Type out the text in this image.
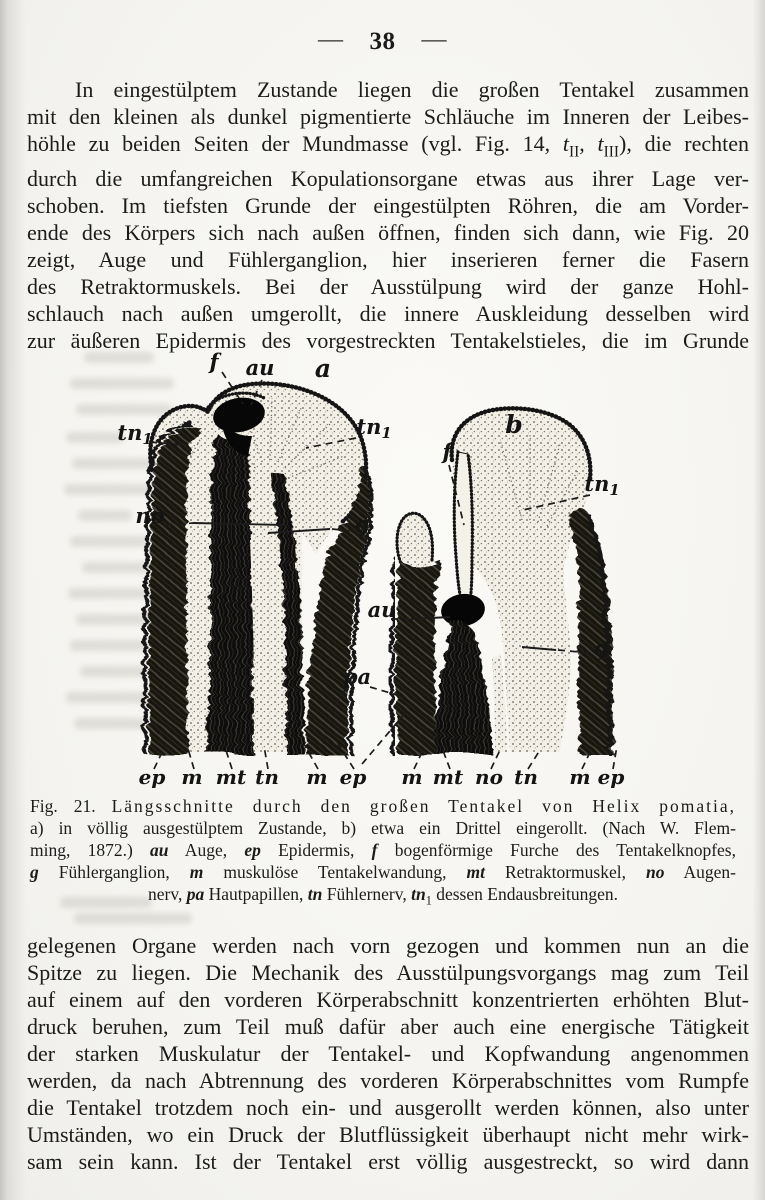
— 38 —
In eingestülptem Zustande liegen die großen Tentakel zusammen
mit den kleinen als dunkel pigmentierte Schläuche im Inneren der Leibes-
höhle zu beiden Seiten der Mundmasse (vgl. Fig. 14, $t_{II}$, $t_{III}$), die rechten
durch die umfangreichen Kopulationsorgane etwas aus ihrer Lage ver-
schoben. Im tiefsten Grunde der eingestülpten Röhren, die am Vorder-
ende des Körpers sich nach außen öffnen, finden sich dann, wie Fig. 20
zeigt, Auge und Fühlerganglion, hier inserieren ferner die Fasern
des Retraktormuskels. Bei der Ausstülpung wird der ganze Hohl-
schlauch nach außen umgerollt, die innere Auskleidung desselben wird
zur äußeren Epidermis des vorgestreckten Tentakelstieles, die im Grunde
f au a
tn1
tn1
no	g
pa
b
f
tn1
au
g
ep m mt tn m ep m mt no tn m ep
Fig. 21. Längsschnitte durch den großen Tentakel von Helix pomatia,
a) in völlig ausgestülptem Zustande, b) etwa ein Drittel eingerollt. (Nach W. Flem-
ming, 1872.) au Auge, ep Epidermis, f bogenförmige Furche des Tentakelknopfes,
g Fühlerganglion, m muskulöse Tentakelwandung, mt Retraktormuskel, no Augen-
nerv, pa Hautpapillen, tn Fühlernerv, $tn_1$ dessen Endausbreitungen.
gelegenen Organe werden nach vorn gezogen und kommen nun an die
Spitze zu liegen. Die Mechanik des Ausstülpungsvorgangs mag zum Teil
auf einem auf den vorderen Körperabschnitt konzentrierten erhöhten Blut-
druck beruhen, zum Teil muß dafür aber auch eine energische Tätigkeit
der starken Muskulatur der Tentakel- und Kopfwandung angenommen
werden, da nach Abtrennung des vorderen Körperabschnittes vom Rumpfe
die Tentakel trotzdem noch ein- und ausgerollt werden können, also unter
Umständen, wo ein Druck der Blutflüssigkeit überhaupt nicht mehr wirk-
sam sein kann. Ist der Tentakel erst völlig ausgestreckt, so wird dann
